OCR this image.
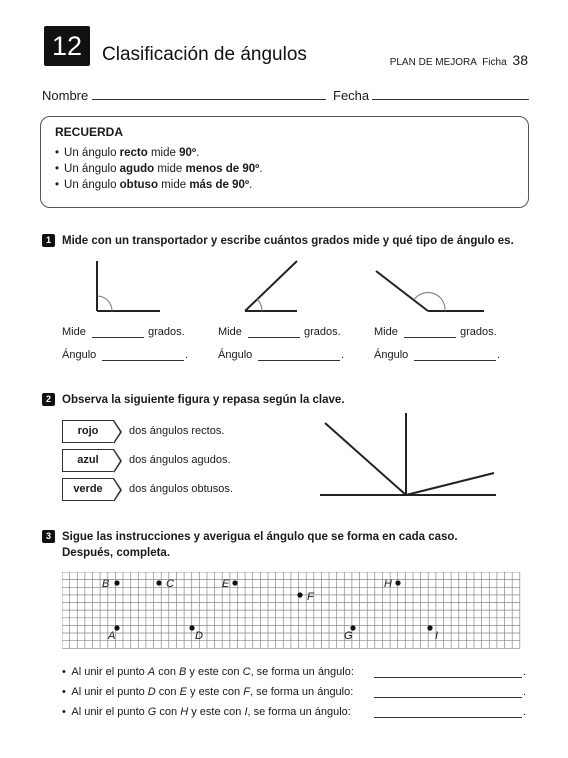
12	Clasificación de ángulos	PLAN DE MEJORA Ficha 38
Nombre	Fecha
RECUERDA
• Un ángulo recto mide 90º.
• Un ángulo agudo mide menos de 90º.
• Un ángulo obtuso mide más de 90º.
1 Mide con un transportador y escribe cuántos grados mide y qué tipo de ángulo es.
Mide	grados.	Mide	grados.	Mide	grados.
Ángulo	.	Ángulo	.	Ángulo	.
2 Observa la siguiente figura y repasa según la clave.
rojo	dos ángulos rectos.
azul	dos ángulos agudos.
verde	dos ángulos obtusos.
3 Sigue las instrucciones y averigua el ángulo que se forma en cada caso.
Después, completa.
B	C	E
F
H
A	D	G	I
•  Al unir el punto A con B y este con C, se forma un ángulo:	.
•  Al unir el punto D con E y este con F, se forma un ángulo:	.
•  Al unir el punto G con H y este con I, se forma un ángulo:	.
